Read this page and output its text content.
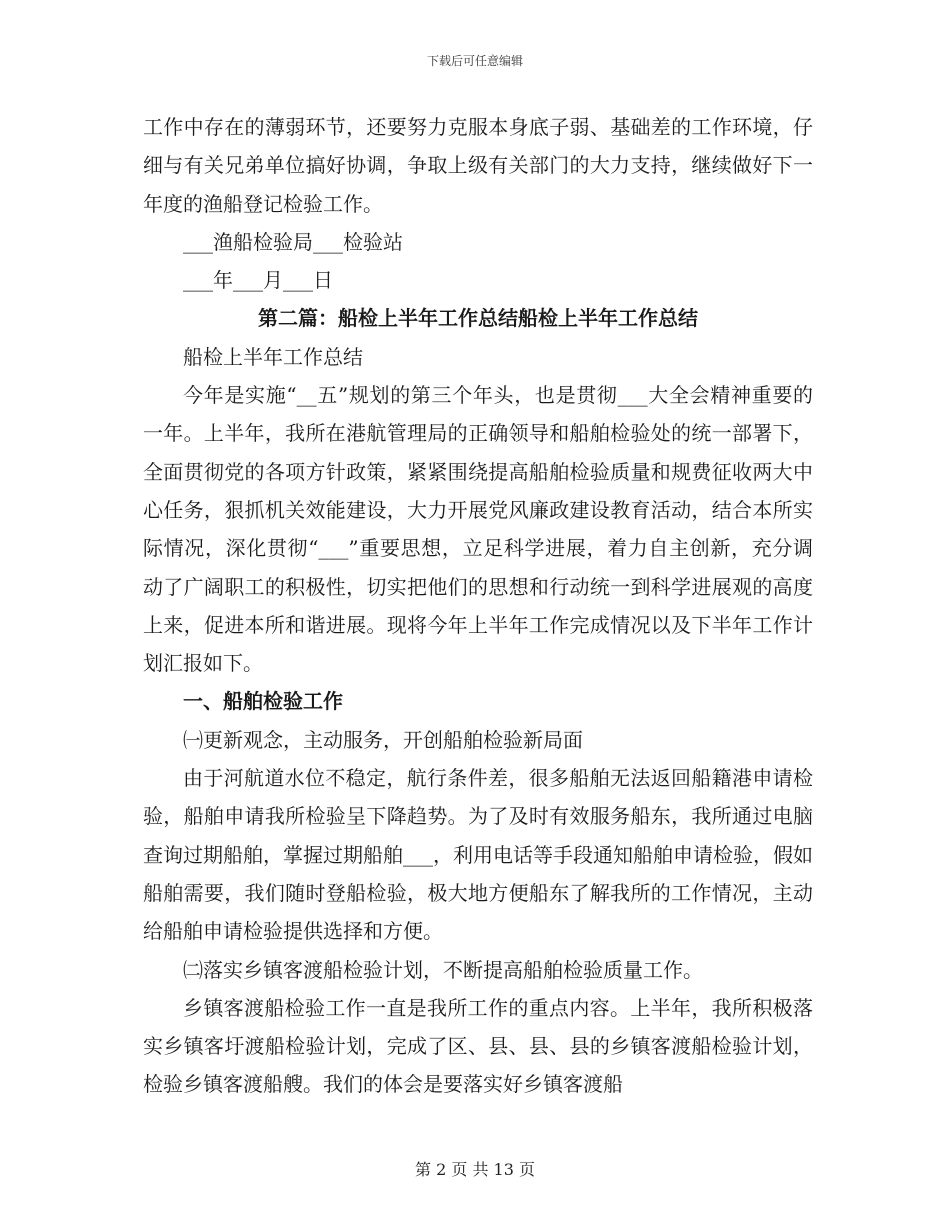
下载后可任意编辑

工作中存在的薄弱环节，还要努力克服本身底子弱、基础差的工作环境，仔细与有关兄弟单位搞好协调，争取上级有关部门的大力支持，继续做好下一年度的渔船登记检验工作。

___渔船检验局___检验站

___年___月___日

第二篇：船检上半年工作总结船检上半年工作总结

船检上半年工作总结

今年是实施“__五”规划的第三个年头，也是贯彻___大全会精神重要的一年。上半年，我所在港航管理局的正确领导和船舶检验处的统一部署下，全面贯彻党的各项方针政策，紧紧围绕提高船舶检验质量和规费征收两大中心任务，狠抓机关效能建设，大力开展党风廉政建设教育活动，结合本所实际情况，深化贯彻“___”重要思想，立足科学进展，着力自主创新，充分调动了广阔职工的积极性，切实把他们的思想和行动统一到科学进展观的高度上来，促进本所和谐进展。现将今年上半年工作完成情况以及下半年工作计划汇报如下。

一、船舶检验工作

㈠更新观念，主动服务，开创船舶检验新局面

由于河航道水位不稳定，航行条件差，很多船舶无法返回船籍港申请检验，船舶申请我所检验呈下降趋势。为了及时有效服务船东，我所通过电脑查询过期船舶，掌握过期船舶___，利用电话等手段通知船舶申请检验，假如船舶需要，我们随时登船检验，极大地方便船东了解我所的工作情况，主动给船舶申请检验提供选择和方便。

㈡落实乡镇客渡船检验计划，不断提高船舶检验质量工作。

乡镇客渡船检验工作一直是我所工作的重点内容。上半年，我所积极落实乡镇客圩渡船检验计划，完成了区、县、县、县的乡镇客渡船检验计划，检验乡镇客渡船艘。我们的体会是要落实好乡镇客渡船

第 2 页 共 13 页
